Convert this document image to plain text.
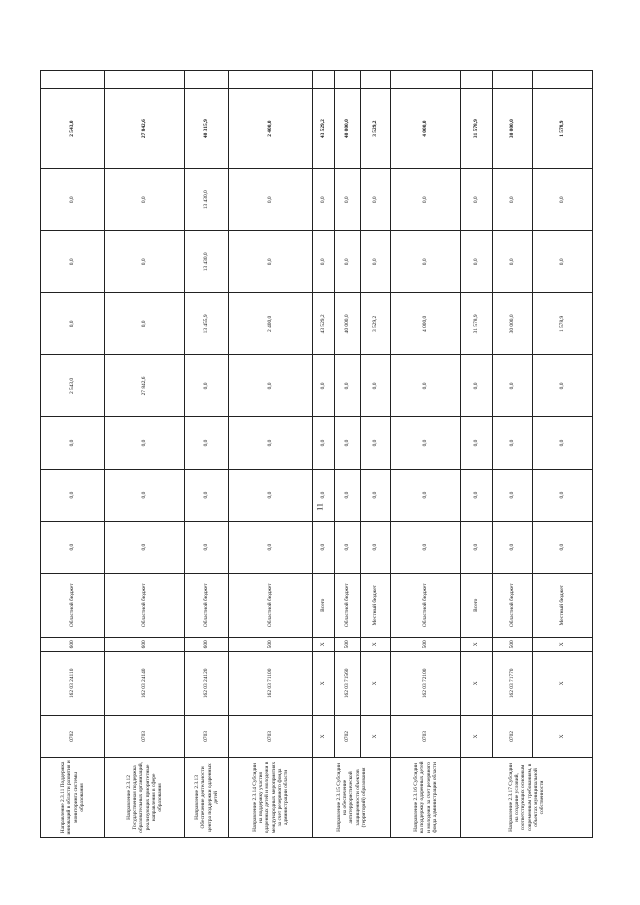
11
Направление 2.3.11 Поддержка инноваций в области развития и мониторинга системы образования	0702	162 03 24110	600	Областной бюджет	0,0	0,0	0,0	2 543,0	0,0	0,0	0,0	2 543,0	
Направление 2.3.12 Государственная поддержка образовательных организаций, реализующих приоритетные направления в сфере образования	0703	162 03 24140	600	Областной бюджет	0,0	0,0	0,0	27 842,6	0,0	0,0	0,0	27 842,6	
Направление 2.3.13 Обеспечение деятельности центра поддержки одаренных детей	0703	162 03 24120	600	Областной бюджет	0,0	0,0	0,0	0,0	13 455,9	13 430,0	13 430,0	40 315,9	
Направление 2.3.14 Субсидии на поддержку участия одаренных детей и молодежи в международных мероприятиях за счет резервного фонда администрации области	0703	162 03 71100	500	Областной бюджет	0,0	0,0	0,0	0,0	2 400,0	0,0	0,0	2 400,0	
Направление 2.3.15 Субсидии на обеспечение антитеррористической защищенности объектов (территорий) образования	X	X	X	Всего	0,0	0,0	0,0	0,0	43 529,2	0,0	0,0	43 529,2	
	0702	162 03 71560	500	Областной бюджет	0,0	0,0	0,0	0,0	40 000,0	0,0	0,0	40 000,0	
	X	X	X	Местный бюджет	0,0	0,0	0,0	0,0	3 529,2	0,0	0,0	3 529,2	
Направление 2.3.16 Субсидии на поддержку одаренных детей и молодежи за счет резервного фонда администрации области	0703	162 03 72100	500	Областной бюджет	0,0	0,0	0,0	0,0	4 000,0	0,0	0,0	4 000,0	
Направление 2.3.17 Субсидии на создание условий, соответствующих основным современным требованиям, в объектах муниципальной собственности	X	X	X	Всего	0,0	0,0	0,0	0,0	31 578,9	0,0	0,0	31 578,9	
	0702	162 03 71770	500	Областной бюджет	0,0	0,0	0,0	0,0	30 000,0	0,0	0,0	30 000,0	
	X	X	X	Местный бюджет	0,0	0,0	0,0	0,0	1 578,9	0,0	0,0	1 578,9	
